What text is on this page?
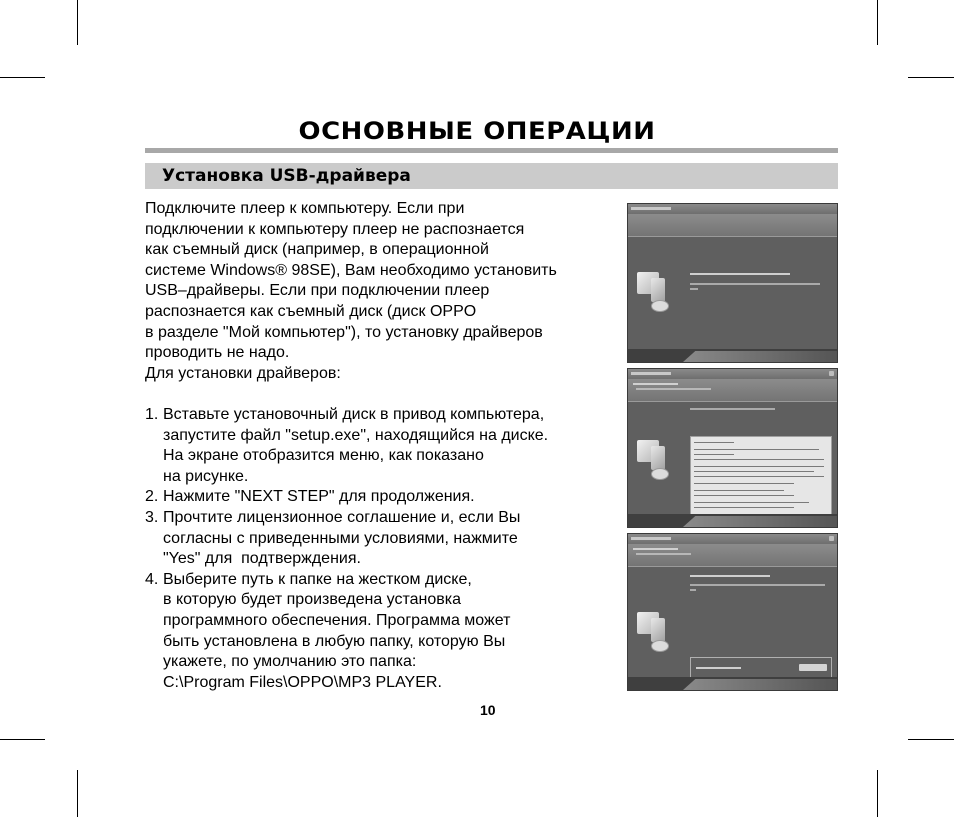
ОСНОВНЫЕ ОПЕРАЦИИ
Установка USB-драйвера

Подключите плеер к компьютеру. Если при

подключении к компьютеру плеер не распознается

как съемный диск (например, в операционной

системе Windows® 98SE), Вам необходимо установить

USB–драйверы. Если при подключении плеер

распознается как съемный диск (диск OPPO

в разделе "Мой компьютер"), то установку драйверов

проводить не надо.

Для установки драйверов:

1. Вставьте установочный диск в привод компьютера,
запустите файл "setup.exe", находящийся на диске.
На экране отобразится меню, как показано
на рисунке.
2. Нажмите "NEXT STEP" для продолжения.
3. Прочтите лицензионное соглашение и, если Вы
согласны с приведенными условиями, нажмите
"Yes" для  подтверждения.
4. Выберите путь к папке на жестком диске,
в которую будет произведена установка
программного обеспечения. Программа может
быть установлена в любую папку, которую Вы
укажете, по умолчанию это папка:
C:\Program Files\OPPO\MP3 PLAYER.
10
